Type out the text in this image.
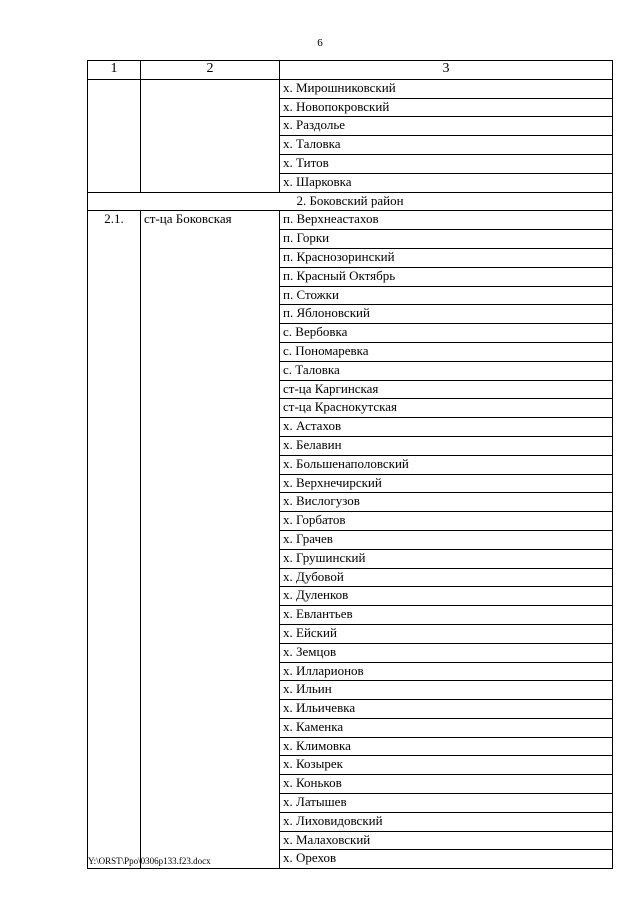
6
1	2	3
		х. Мирошниковский
		х. Новопокровский
		х. Раздолье
		х. Таловка
		х. Титов
		х. Шарковка
2. Боковский район		
2.1.	ст-ца Боковская	п. Верхнеастахов
		п. Горки
		п. Краснозоринский
		п. Красный Октябрь
		п. Стожки
		п. Яблоновский
		с. Вербовка
		с. Пономаревка
		с. Таловка
		ст-ца Каргинская
		ст-ца Краснокутская
		х. Астахов
		х. Белавин
		х. Большенаполовский
		х. Верхнечирский
		х. Вислогузов
		х. Горбатов
		х. Грачев
		х. Грушинский
		х. Дубовой
		х. Дуленков
		х. Евлантьев
		х. Ейский
		х. Земцов
		х. Илларионов
		х. Ильин
		х. Ильичевка
		х. Каменка
		х. Климовка
		х. Козырек
		х. Коньков
		х. Латышев
		х. Лиховидовский
		х. Малаховский
		х. Орехов
Y:\ORST\Ppo\0306p133.f23.docx
